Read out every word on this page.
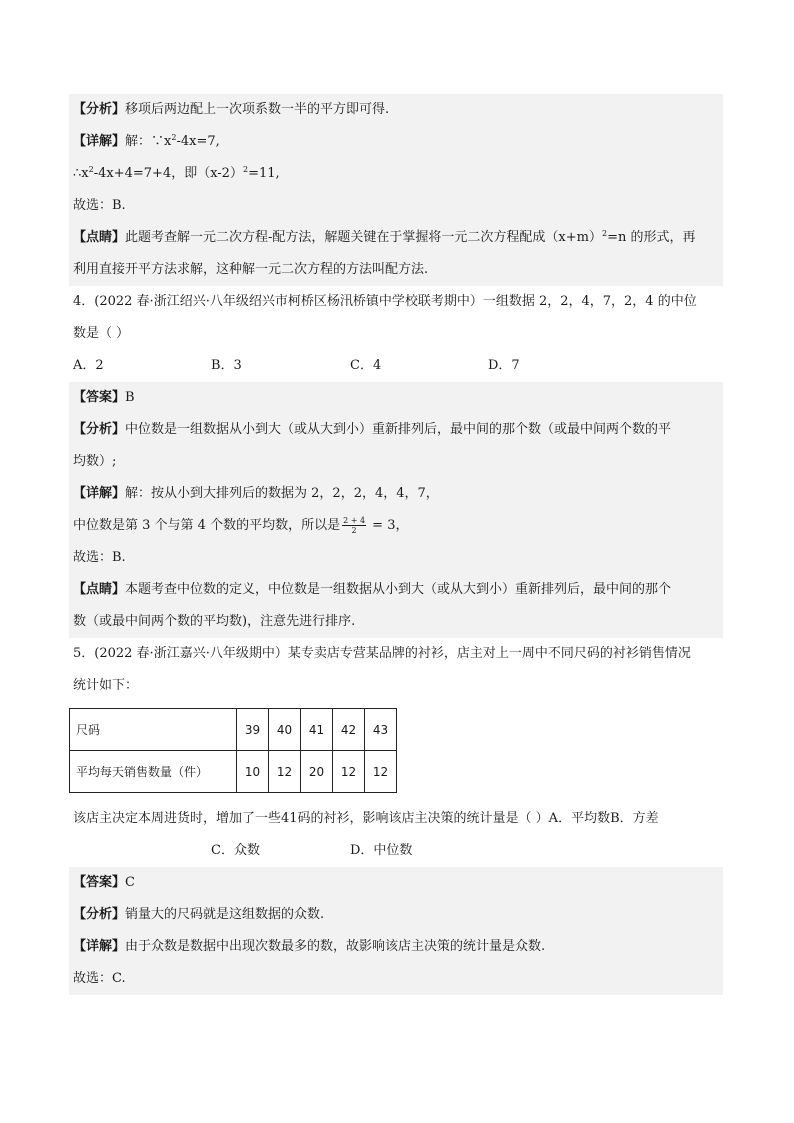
【分析】移项后两边配上一次项系数一半的平方即可得.
【详解】解：$\because x^2-4x=7$,
$\therefore x^2-4x+4=7+4$，即$(x-2)^2=11$,
故选：B.
【点睛】此题考查解一元二次方程-配方法，解题关键在于掌握将一元二次方程配成$(x+m)^2=n$ 的形式，再
利用直接开平方法求解，这种解一元二次方程的方法叫配方法.
4．(2022 春·浙江绍兴·八年级绍兴市柯桥区杨汛桥镇中学校联考期中）一组数据 2，2，4，7，2，4 的中位
数是（ ）
A．2	B．3	C．4	D．7
【答案】B
【分析】中位数是一组数据从小到大（或从大到小）重新排列后，最中间的那个数（或最中间两个数的平
均数）;
【详解】解：按从小到大排列后的数据为 2，2，2，4，4，7，
中位数是第 3 个与第 4 个数的平均数，所以是 $\frac{2 + 4}{2} = 3$，
故选：B.
【点睛】本题考查中位数的定义，中位数是一组数据从小到大（或从大到小）重新排列后，最中间的那个
数（或最中间两个数的平均数)，注意先进行排序.
5．(2022 春·浙江嘉兴·八年级期中）某专卖店专营某品牌的衬衫，店主对上一周中不同尺码的衬衫销售情况
统计如下：
尺码	39	40	41	42	43
平均每天销售数量（件）	10	12	20	12	12
该店主决定本周进货时，增加了一些41码的衬衫，影响该店主决策的统计量是（ ）A．平均数B．方差
C．众数	D．中位数
【答案】C
【分析】销量大的尺码就是这组数据的众数.
【详解】由于众数是数据中出现次数最多的数，故影响该店主决策的统计量是众数.
故选：C.
